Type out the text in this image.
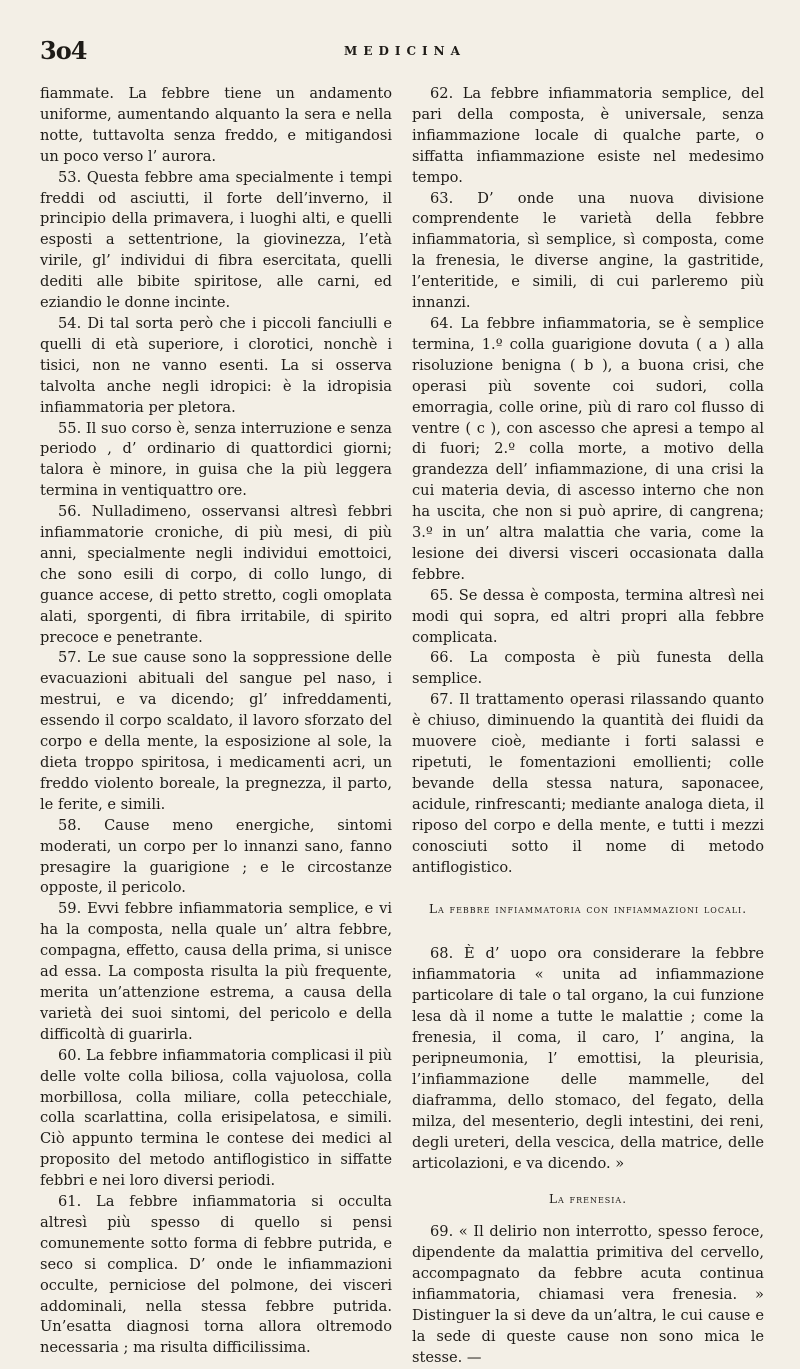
3o4	MEDICINA

fiammate. La febbre tiene un andamento uniforme, aumentando alquanto la sera e nella notte, tuttavolta senza freddo, e mitigandosi un poco verso l’ aurora.

53. Questa febbre ama specialmente i tempi freddi od asciutti, il forte dell’inverno, il principio della primavera, i luoghi alti, e quelli esposti a settentrione, la giovinezza, l’età virile, gl’ individui di fibra esercitata, quelli dediti alle bibite spiritose, alle carni, ed eziandio le donne incinte.

54. Di tal sorta però che i piccoli fanciulli e quelli di età superiore, i clorotici, nonchè i tisici, non ne vanno esenti. La si osserva talvolta anche negli idropici: è la idropisia infiammatoria per pletora.

55. Il suo corso è, senza interruzione e senza periodo , d’ ordinario di quattordici giorni; talora è minore, in guisa che la più leggera termina in ventiquattro ore.

56. Nulladimeno, osservansi altresì febbri infiammatorie croniche, di più mesi, di più anni, specialmente negli individui emottoici, che sono esili di corpo, di collo lungo, di guance accese, di petto stretto, cogli omoplata alati, sporgenti, di fibra irritabile, di spirito precoce e penetrante.

57. Le sue cause sono la soppressione delle evacuazioni abituali del sangue pel naso, i mestrui, e va dicendo; gl’ infreddamenti, essendo il corpo scaldato, il lavoro sforzato del corpo e della mente, la esposizione al sole, la dieta troppo spiritosa, i medicamenti acri, un freddo violento boreale, la pregnezza, il parto, le ferite, e simili.

58. Cause meno energiche, sintomi moderati, un corpo per lo innanzi sano, fanno presagire la guarigione ; e le circostanze opposte, il pericolo.

59. Evvi febbre infiammatoria semplice, e vi ha la composta, nella quale un’ altra febbre, compagna, effetto, causa della prima, si unisce ad essa. La composta risulta la più frequente, merita un’attenzione estrema, a causa della varietà dei suoi sintomi, del pericolo e della difficoltà di guarirla.

60. La febbre infiammatoria complicasi il più delle volte colla biliosa, colla vajuolosa, colla morbillosa, colla miliare, colla petecchiale, colla scarlattina, colla erisipelatosa, e simili. Ciò appunto termina le contese dei medici al proposito del metodo antiflogistico in siffatte febbri e nei loro diversi periodi.

61. La febbre infiammatoria si occulta altresì più spesso di quello si pensi comunemente sotto forma di febbre putrida, e seco si complica. D’ onde le infiammazioni occulte, perniciose del polmone, dei visceri addominali, nella stessa febbre putrida. Un’esatta diagnosi torna allora oltremodo necessaria ; ma risulta difficilissima.

62. La febbre infiammatoria semplice, del pari della composta, è universale, senza infiammazione locale di qualche parte, o siffatta infiammazione esiste nel medesimo tempo.

63. D’ onde una nuova divisione comprendente le varietà della febbre infiammatoria, sì semplice, sì composta, come la frenesia, le diverse angine, la gastritide, l’enteritide, e simili, di cui parleremo più innanzi.

64. La febbre infiammatoria, se è semplice termina, 1.º colla guarigione dovuta ( a ) alla risoluzione benigna ( b ), a buona crisi, che operasi più sovente coi sudori, colla emorragia, colle orine, più di raro col flusso di ventre ( c ), con ascesso che apresi a tempo al di fuori; 2.º colla morte, a motivo della grandezza dell’ infiammazione, di una crisi la cui materia devia, di ascesso interno che non ha uscita, che non si può aprire, di cangrena; 3.º in un’ altra malattia che varia, come la lesione dei diversi visceri occasionata dalla febbre.

65. Se dessa è composta, termina altresì nei modi qui sopra, ed altri propri alla febbre complicata.

66. La composta è più funesta della semplice.

67. Il trattamento operasi rilassando quanto è chiuso, diminuendo la quantità dei fluidi da muovere cioè, mediante i forti salassi e ripetuti, le fomentazioni emollienti; colle bevande della stessa natura, saponacee, acidule, rinfrescanti; mediante analoga dieta, il riposo del corpo e della mente, e tutti i mezzi conosciuti sotto il nome di metodo antiflogistico.

La febbre infiammatoria con infiammazioni locali.

68. È d’ uopo ora considerare la febbre infiammatoria « unita ad infiammazione particolare di tale o tal organo, la cui funzione lesa dà il nome a tutte le malattie ; come la frenesia, il coma, il caro, l’ angina, la peripneumonia, l’ emottisi, la pleurisia, l’infiammazione delle mammelle, del diaframma, dello stomaco, del fegato, della milza, del mesenterio, degli intestini, dei reni, degli ureteri, della vescica, della matrice, delle articolazioni, e va dicendo. »

La frenesia.

69. « Il delirio non interrotto, spesso feroce, dipendente da malattia primitiva del cervello, accompagnato da febbre acuta continua infiammatoria, chiamasi vera frenesia. » Distinguer la si deve da un’altra, le cui cause e la sede di queste cause non sono mica le stesse. —
